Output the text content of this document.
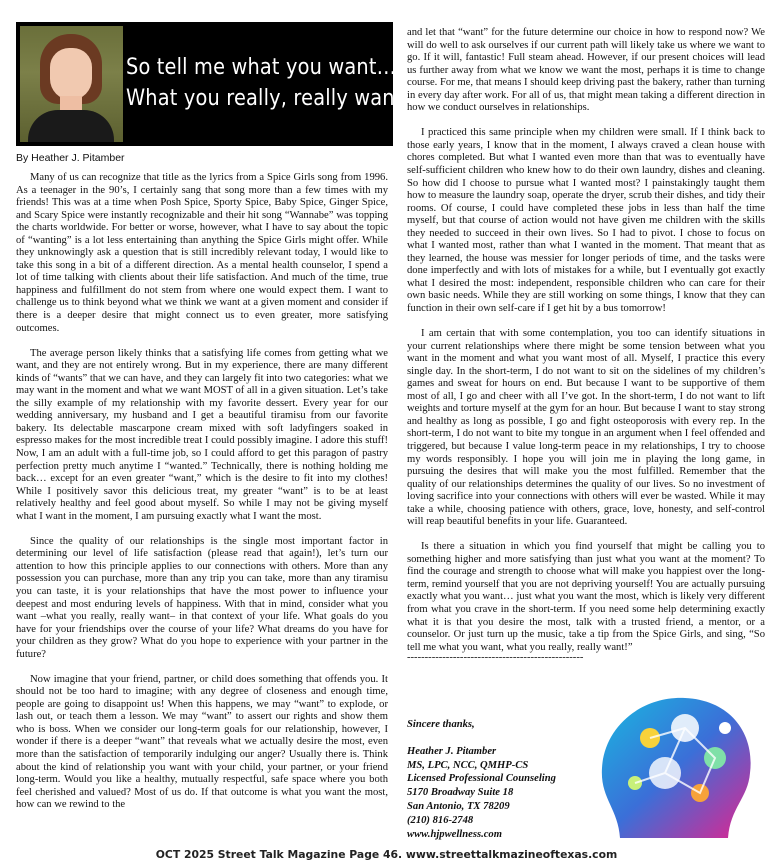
So tell me what you want…
What you really, really want!
By Heather J. Pitamber

Many of us can recognize that title as the lyrics from a Spice Girls song from 1996. As a teenager in the 90’s, I certainly sang that song more than a few times with my friends! This was at a time when Posh Spice, Sporty Spice, Baby Spice, Ginger Spice, and Scary Spice were instantly recognizable and their hit song “Wannabe” was topping the charts worldwide. For better or worse, however, what I have to say about the topic of “wanting” is a lot less entertaining than anything the Spice Girls might offer. While they unknowingly ask a question that is still incredibly relevant today, I would like to take this song in a bit of a different direction. As a mental health counselor, I spend a lot of time talking with clients about their life satisfaction. And much of the time, true happiness and fulfillment do not stem from where one would expect them. I want to challenge us to think beyond what we think we want at a given moment and consider if there is a deeper desire that might connect us to even greater, more satisfying outcomes.

The average person likely thinks that a satisfying life comes from getting what we want, and they are not entirely wrong. But in my experience, there are many different kinds of “wants” that we can have, and they can largely fit into two categories: what we may want in the moment and what we want MOST of all in a given situation. Let’s take the silly example of my relationship with my favorite dessert. Every year for our wedding anniversary, my husband and I get a beautiful tiramisu from our favorite bakery. Its delectable mascarpone cream mixed with soft ladyfingers soaked in espresso makes for the most incredible treat I could possibly imagine. I adore this stuff! Now, I am an adult with a full-time job, so I could afford to get this paragon of pastry perfection pretty much anytime I “wanted.” Technically, there is nothing holding me back… except for an even greater “want,” which is the desire to fit into my clothes! While I positively savor this delicious treat, my greater “want” is to be at least relatively healthy and feel good about myself. So while I may not be giving myself what I want in the moment, I am pursuing exactly what I want the most.

Since the quality of our relationships is the single most important factor in determining our level of life satisfaction (please read that again!), let’s turn our attention to how this principle applies to our connections with others. More than any possession you can purchase, more than any trip you can take, more than any tiramisu you can taste, it is your relationships that have the most power to influence your deepest and most enduring levels of happiness. With that in mind, consider what you want –what you really, really want– in that context of your life. What goals do you have for your friendships over the course of your life? What dreams do you have for your children as they grow? What do you hope to experience with your partner in the future?

Now imagine that your friend, partner, or child does something that offends you. It should not be too hard to imagine; with any degree of closeness and enough time, people are going to disappoint us! When this happens, we may “want” to explode, or lash out, or teach them a lesson. We may “want” to assert our rights and show them who is boss. When we consider our long-term goals for our relationship, however, I wonder if there is a deeper “want” that reveals what we actually desire the most, even more than the satisfaction of temporarily indulging our anger? Usually there is. Think about the kind of relationship you want with your child, your partner, or your friend long-term. Would you like a healthy, mutually respectful, safe space where you both feel cherished and valued? Most of us do. If that outcome is what you want the most, how can we rewind to the

and let that “want” for the future determine our choice in how to respond now? We will do well to ask ourselves if our current path will likely take us where we want to go. If it will, fantastic! Full steam ahead. However, if our present choices will lead us further away from what we know we want the most, perhaps it is time to change course. For me, that means I should keep driving past the bakery, rather than turning in every day after work. For all of us, that might mean taking a different direction in how we conduct ourselves in relationships.

I practiced this same principle when my children were small. If I think back to those early years, I know that in the moment, I always craved a clean house with chores completed. But what I wanted even more than that was to eventually have self-sufficient children who knew how to do their own laundry, dishes and cleaning. So how did I choose to pursue what I wanted most? I painstakingly taught them how to measure the laundry soap, operate the dryer, scrub their dishes, and tidy their rooms. Of course, I could have completed these jobs in less than half the time myself, but that course of action would not have given me children with the skills they needed to succeed in their own lives. So I had to pivot. I chose to focus on what I wanted most, rather than what I wanted in the moment. That meant that as they learned, the house was messier for longer periods of time, and the tasks were done imperfectly and with lots of mistakes for a while, but I eventually got exactly what I desired the most: independent, responsible children who can care for their own basic needs. While they are still working on some things, I know that they can function in their own self-care if I get hit by a bus tomorrow!

I am certain that with some contemplation, you too can identify situations in your current relationships where there might be some tension between what you want in the moment and what you want most of all. Myself, I practice this every single day. In the short-term, I do not want to sit on the sidelines of my children’s games and sweat for hours on end. But because I want to be supportive of them most of all, I go and cheer with all I’ve got. In the short-term, I do not want to lift weights and torture myself at the gym for an hour. But because I want to stay strong and healthy as long as possible, I go and fight osteoporosis with every rep. In the short-term, I do not want to bite my tongue in an argument when I feel offended and triggered, but because I value long-term peace in my relationships, I try to choose my words responsibly. I hope you will join me in playing the long game, in pursuing the desires that will make you the most fulfilled. Remember that the quality of our relationships determines the quality of our lives. So no investment of loving sacrifice into your connections with others will ever be wasted. While it may take a while, choosing patience with others, grace, love, honesty, and self-control will reap beautiful benefits in your life. Guaranteed.

Is there a situation in which you find yourself that might be calling you to something higher and more satisfying than just what you want at the moment? To find the courage and strength to choose what will make you happiest over the long-term, remind yourself that you are not depriving yourself! You are actually pursuing exactly what you want… just what you want the most, which is likely very different from what you crave in the short-term. If you need some help determining exactly what it is that you desire the most, talk with a trusted friend, a mentor, or a counselor. Or just turn up the music, take a tip from the Spice Girls, and sing, “So tell me what you want, what you really, really want!”

--------------------------------------------------
Sincere thanks,
Heather J. Pitamber
MS, LPC, NCC, QMHP-CS
Licensed Professional Counseling
5170 Broadway Suite 18
San Antonio, TX 78209
(210) 816-2748
www.hjpwellness.com
OCT 2025 Street Talk Magazine Page 46. www.streettalkmazineoftexas.com
